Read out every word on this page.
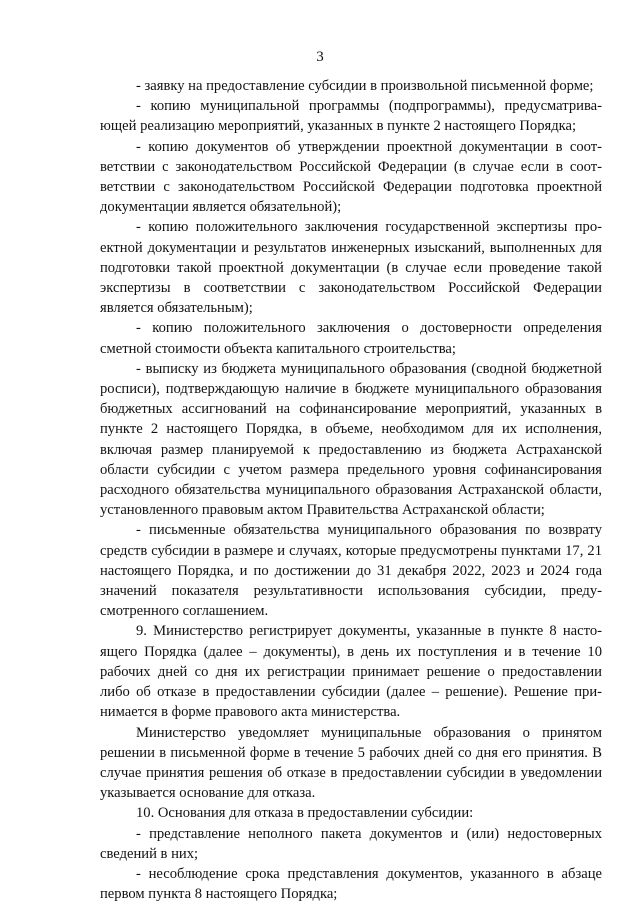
3

- заявку на предоставление субсидии в произвольной письменной форме;

- копию муниципальной программы (подпрограммы), предусматривающей реализацию мероприятий, указанных в пункте 2 настоящего Порядка;

- копию документов об утверждении проектной документации в соответствии с законодательством Российской Федерации (в случае если в соответствии с законодательством Российской Федерации подготовка проектной документации является обязательной);

- копию положительного заключения государственной экспертизы проектной документации и результатов инженерных изысканий, выполненных для подготовки такой проектной документации (в случае если проведение такой экспертизы в соответствии с законодательством Российской Федерации является обязательным);

- копию положительного заключения о достоверности определения сметной стоимости объекта капитального строительства;

- выписку из бюджета муниципального образования (сводной бюджетной росписи), подтверждающую наличие в бюджете муниципального образования бюджетных ассигнований на софинансирование мероприятий, указанных в пункте 2 настоящего Порядка, в объеме, необходимом для их исполнения, включая размер планируемой к предоставлению из бюджета Астраханской области субсидии с учетом размера предельного уровня софинансирования расходного обязательства муниципального образования Астраханской области, установленного правовым актом Правительства Астраханской области;

- письменные обязательства муниципального образования по возврату средств субсидии в размере и случаях, которые предусмотрены пунктами 17, 21 настоящего Порядка, и по достижении до 31 декабря 2022, 2023 и 2024 года значений показателя результативности использования субсидии, предусмотренного соглашением.

9. Министерство регистрирует документы, указанные в пункте 8 настоящего Порядка (далее – документы), в день их поступления и в течение 10 рабочих дней со дня их регистрации принимает решение о предоставлении либо об отказе в предоставлении субсидии (далее – решение). Решение принимается в форме правового акта министерства.

Министерство уведомляет муниципальные образования о принятом решении в письменной форме в течение 5 рабочих дней со дня его принятия. В случае принятия решения об отказе в предоставлении субсидии в уведомлении указывается основание для отказа.

10. Основания для отказа в предоставлении субсидии:

- представление неполного пакета документов и (или) недостоверных сведений в них;

- несоблюдение срока представления документов, указанного в абзаце первом пункта 8 настоящего Порядка;
